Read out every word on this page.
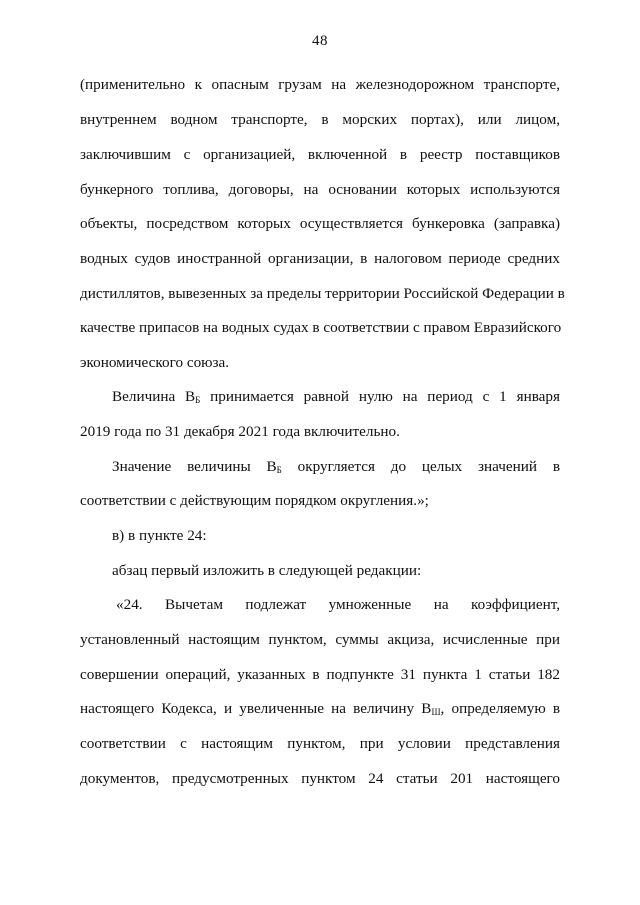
48
(применительно к опасным грузам на железнодорожном транспорте,
внутреннем водном транспорте, в морских портах), или лицом,
заключившим с организацией, включенной в реестр поставщиков
бункерного топлива, договоры, на основании которых используются
объекты, посредством которых осуществляется бункеровка (заправка)
водных судов иностранной организации, в налоговом периоде средних
дистиллятов, вывезенных за пределы территории Российской Федерации в
качестве припасов на водных судах в соответствии с правом Евразийского
экономического союза.
Величина $В_Б$ принимается равной нулю на период с 1 января
2019 года по 31 декабря 2021 года включительно.
Значение величины $В_Б$ округляется до целых значений в
соответствии с действующим порядком округления.»;
в) в пункте 24:
абзац первый изложить в следующей редакции:
«24. Вычетам подлежат умноженные на коэффициент,
установленный настоящим пунктом, суммы акциза, исчисленные при
совершении операций, указанных в подпункте 31 пункта 1 статьи 182
настоящего Кодекса, и увеличенные на величину $В_Ш$, определяемую в
соответствии с настоящим пунктом, при условии представления
документов, предусмотренных пунктом 24 статьи 201 настоящего
